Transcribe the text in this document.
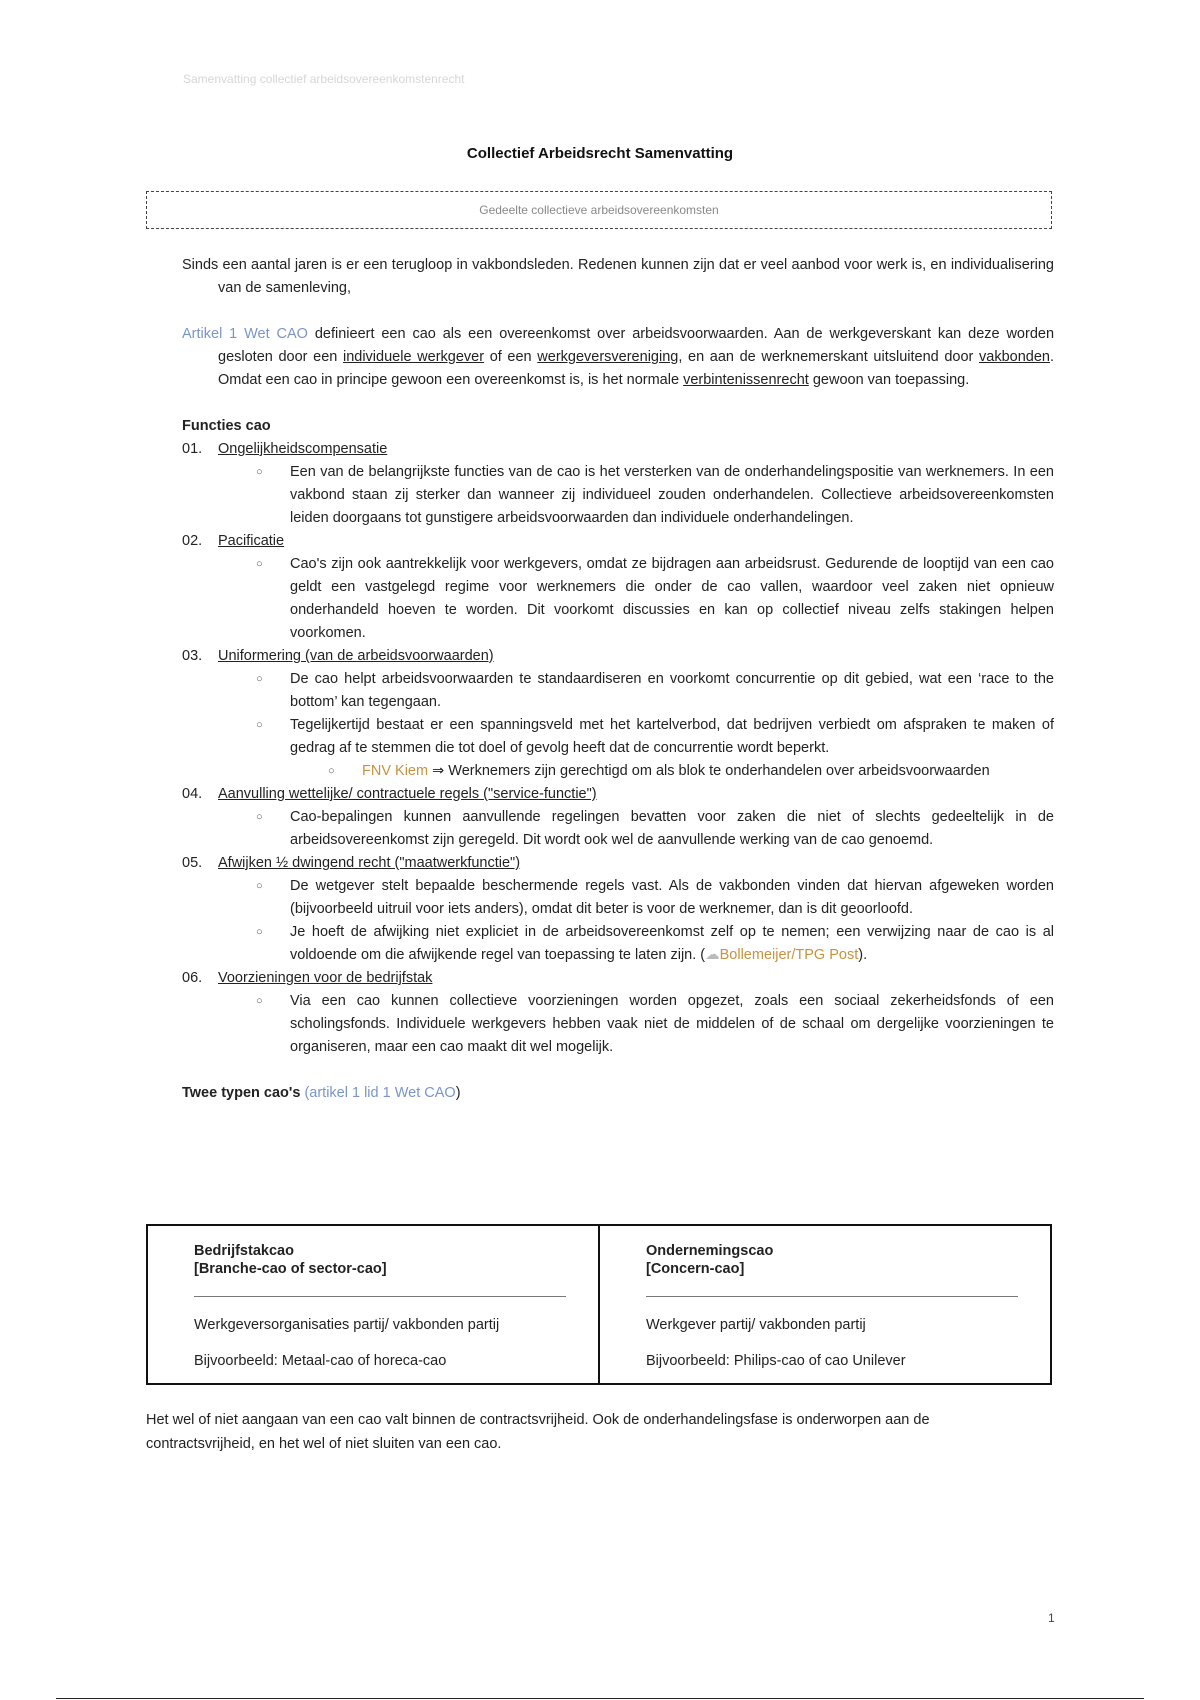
Samenvatting collectief arbeidsovereenkomstenrecht
Collectief Arbeidsrecht Samenvatting
Gedeelte collectieve arbeidsovereenkomsten

Sinds een aantal jaren is er een terugloop in vakbondsleden. Redenen kunnen zijn dat er veel aanbod voor werk is, en individualisering van de samenleving,

Artikel 1 Wet CAO definieert een cao als een overeenkomst over arbeidsvoorwaarden. Aan de werkgeverskant kan deze worden gesloten door een individuele werkgever of een werkgeversvereniging, en aan de werknemerskant uitsluitend door vakbonden. Omdat een cao in principe gewoon een overeenkomst is, is het normale verbintenissenrecht gewoon van toepassing.

Functies cao

01. Ongelijkheidscompensatie

○ Een van de belangrijkste functies van de cao is het versterken van de onderhandelingspositie van werknemers. In een vakbond staan zij sterker dan wanneer zij individueel zouden onderhandelen. Collectieve arbeidsovereenkomsten leiden doorgaans tot gunstigere arbeidsvoorwaarden dan individuele onderhandelingen.

02. Pacificatie

○ Cao's zijn ook aantrekkelijk voor werkgevers, omdat ze bijdragen aan arbeidsrust. Gedurende de looptijd van een cao geldt een vastgelegd regime voor werknemers die onder de cao vallen, waardoor veel zaken niet opnieuw onderhandeld hoeven te worden. Dit voorkomt discussies en kan op collectief niveau zelfs stakingen helpen voorkomen.

03. Uniformering (van de arbeidsvoorwaarden)

○ De cao helpt arbeidsvoorwaarden te standaardiseren en voorkomt concurrentie op dit gebied, wat een ‘race to the bottom’ kan tegengaan.

○ Tegelijkertijd bestaat er een spanningsveld met het kartelverbod, dat bedrijven verbiedt om afspraken te maken of gedrag af te stemmen die tot doel of gevolg heeft dat de concurrentie wordt beperkt.

○ FNV Kiem ⇒ Werknemers zijn gerechtigd om als blok te onderhandelen over arbeidsvoorwaarden

04. Aanvulling wettelijke/ contractuele regels ("service-functie")

○ Cao-bepalingen kunnen aanvullende regelingen bevatten voor zaken die niet of slechts gedeeltelijk in de arbeidsovereenkomst zijn geregeld. Dit wordt ook wel de aanvullende werking van de cao genoemd.

05. Afwijken ½ dwingend recht ("maatwerkfunctie")

○ De wetgever stelt bepaalde beschermende regels vast. Als de vakbonden vinden dat hiervan afgeweken worden (bijvoorbeeld uitruil voor iets anders), omdat dit beter is voor de werknemer, dan is dit geoorloofd.

○ Je hoeft de afwijking niet expliciet in de arbeidsovereenkomst zelf op te nemen; een verwijzing naar de cao is al voldoende om die afwijkende regel van toepassing te laten zijn. (☁Bollemeijer/TPG Post).

06. Voorzieningen voor de bedrijfstak

○ Via een cao kunnen collectieve voorzieningen worden opgezet, zoals een sociaal zekerheidsfonds of een scholingsfonds. Individuele werkgevers hebben vaak niet de middelen of de schaal om dergelijke voorzieningen te organiseren, maar een cao maakt dit wel mogelijk.

Twee typen cao's (artikel 1 lid 1 Wet CAO)

Bedrijfstakcao
[Branche-cao of sector-cao]
Werkgeversorganisaties partij/ vakbonden partij
Bijvoorbeeld: Metaal-cao of horeca-cao
Ondernemingscao
[Concern-cao]
Werkgever partij/ vakbonden partij
Bijvoorbeeld: Philips-cao of cao Unilever

Het wel of niet aangaan van een cao valt binnen de contractsvrijheid. Ook de onderhandelingsfase is onderworpen aan de contractsvrijheid, en het wel of niet sluiten van een cao.

1
